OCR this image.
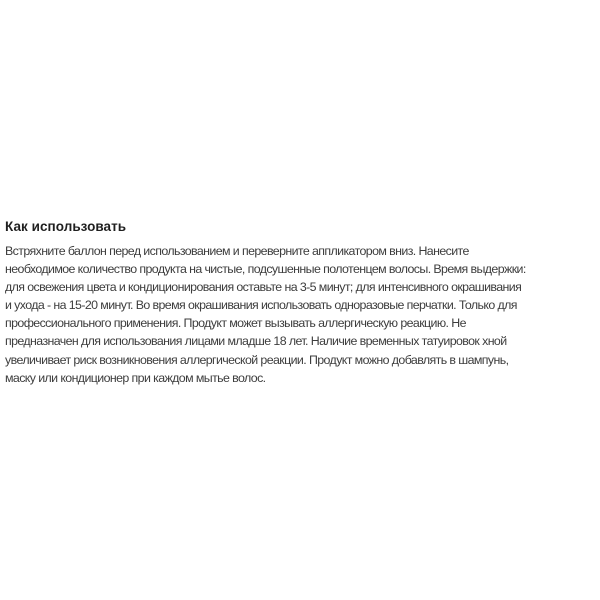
Как использовать

Встряхните баллон перед использованием и переверните аппликатором вниз. Нанесите
необходимое количество продукта на чистые, подсушенные полотенцем волосы. Время выдержки:
для освежения цвета и кондиционирования оставьте на 3-5 минут; для интенсивного окрашивания
и ухода - на 15-20 минут. Во время окрашивания использовать одноразовые перчатки. Только для
профессионального применения. Продукт может вызывать аллергическую реакцию. Не
предназначен для использования лицами младше 18 лет. Наличие временных татуировок хной
увеличивает риск возникновения аллергической реакции. Продукт можно добавлять в шампунь,
маску или кондиционер при каждом мытье волос.
